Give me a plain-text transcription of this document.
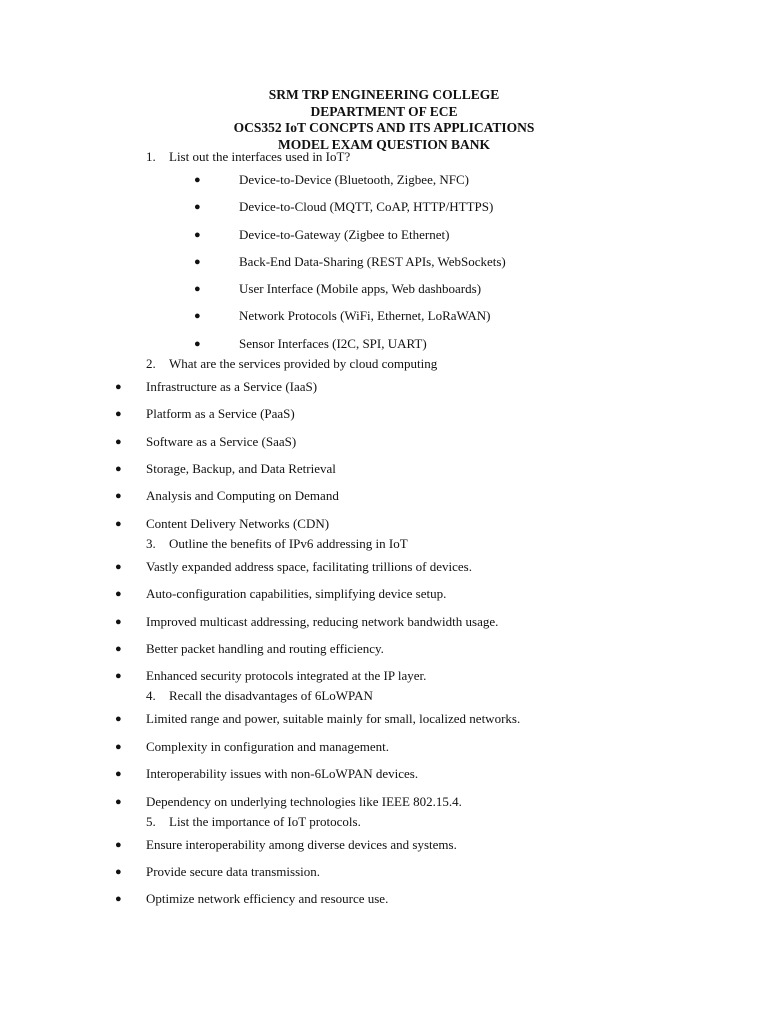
SRM TRP ENGINEERING COLLEGE
DEPARTMENT OF ECE
OCS352 IoT CONCPTS AND ITS APPLICATIONS
MODEL EXAM QUESTION BANK
1. List out the interfaces used in IoT?
●	Device-to-Device (Bluetooth, Zigbee, NFC)
●	Device-to-Cloud (MQTT, CoAP, HTTP/HTTPS)
●	Device-to-Gateway (Zigbee to Ethernet)
●	Back-End Data-Sharing (REST APIs, WebSockets)
●	User Interface (Mobile apps, Web dashboards)
●	Network Protocols (WiFi, Ethernet, LoRaWAN)
●	Sensor Interfaces (I2C, SPI, UART)
2. What are the services provided by cloud computing
● Infrastructure as a Service (IaaS)
● Platform as a Service (PaaS)
● Software as a Service (SaaS)
● Storage, Backup, and Data Retrieval
● Analysis and Computing on Demand
● Content Delivery Networks (CDN)
3. Outline the benefits of IPv6 addressing in IoT
● Vastly expanded address space, facilitating trillions of devices.
● Auto-configuration capabilities, simplifying device setup.
● Improved multicast addressing, reducing network bandwidth usage.
● Better packet handling and routing efficiency.
● Enhanced security protocols integrated at the IP layer.
4. Recall the disadvantages of 6LoWPAN
● Limited range and power, suitable mainly for small, localized networks.
● Complexity in configuration and management.
● Interoperability issues with non-6LoWPAN devices.
● Dependency on underlying technologies like IEEE 802.15.4.
5. List the importance of IoT protocols.
● Ensure interoperability among diverse devices and systems.
● Provide secure data transmission.
● Optimize network efficiency and resource use.
